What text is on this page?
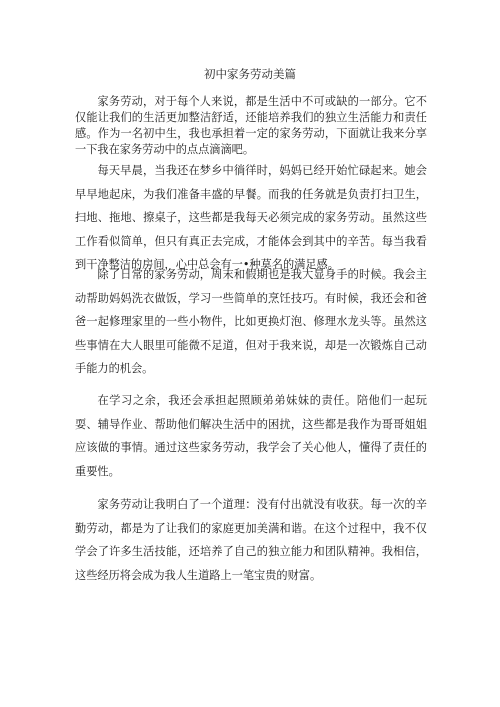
初中家务劳动美篇

家务劳动，对于每个人来说，都是生活中不可或缺的一部分。它不仅能让我们的生活更加整洁舒适，还能培养我们的独立生活能力和责任感。作为一名初中生，我也承担着一定的家务劳动，下面就让我来分享一下我在家务劳动中的点点滴滴吧。

每天早晨，当我还在梦乡中徜徉时，妈妈已经开始忙碌起来。她会早早地起床，为我们准备丰盛的早餐。而我的任务就是负责打扫卫生，扫地、拖地、擦桌子，这些都是我每天必须完成的家务劳动。虽然这些工作看似简单，但只有真正去完成，才能体会到其中的辛苦。每当我看到干净整洁的房间，心中总会有一•种莫名的满足感。

除了日常的家务劳动，周末和假期也是我大显身手的时候。我会主动帮助妈妈洗衣做饭，学习一些简单的烹饪技巧。有时候，我还会和爸爸一起修理家里的一些小物件，比如更换灯泡、修理水龙头等。虽然这些事情在大人眼里可能微不足道，但对于我来说，却是一次锻炼自己动手能力的机会。

在学习之余，我还会承担起照顾弟弟妹妹的责任。陪他们一起玩耍、辅导作业、帮助他们解决生活中的困扰，这些都是我作为哥哥姐姐应该做的事情。通过这些家务劳动，我学会了关心他人，懂得了责任的重要性。

家务劳动让我明白了一个道理：没有付出就没有收获。每一次的辛勤劳动，都是为了让我们的家庭更加美满和谐。在这个过程中，我不仅学会了许多生活技能，还培养了自己的独立能力和团队精神。我相信，这些经历将会成为我人生道路上一笔宝贵的财富。
